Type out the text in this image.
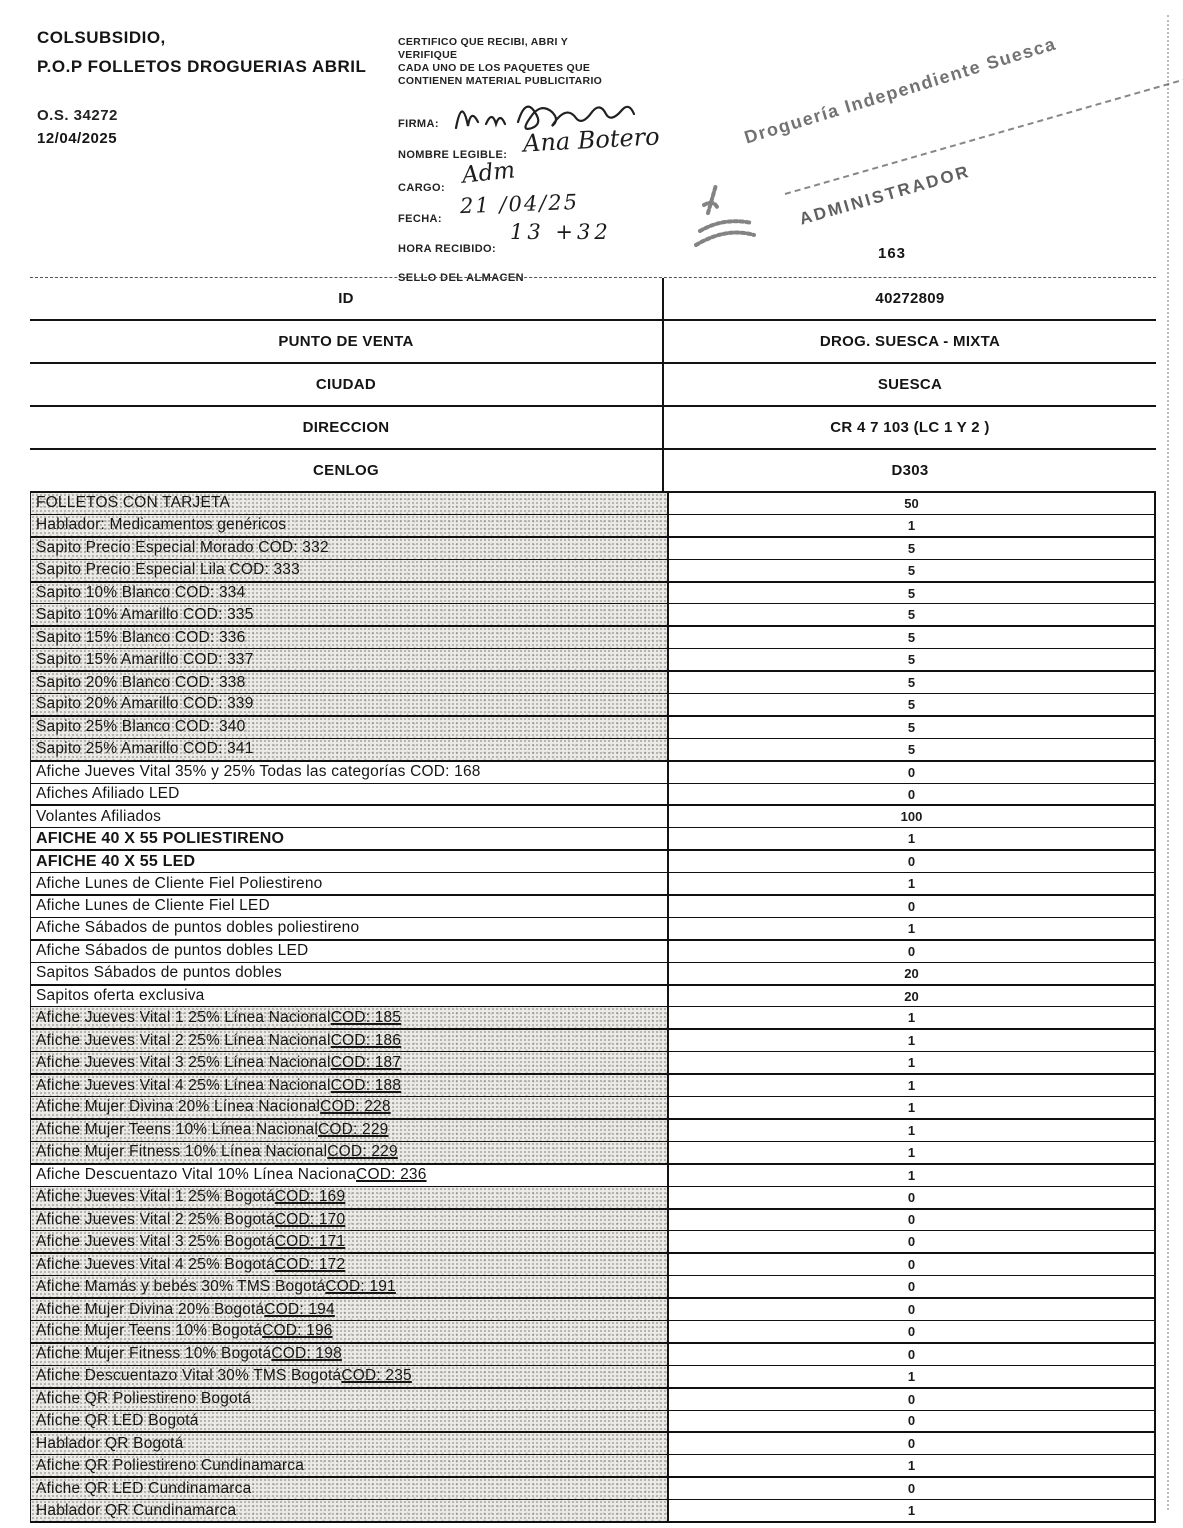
COLSUBSIDIO,
P.O.P FOLLETOS DROGUERIAS ABRIL
O.S. 34272
12/04/2025
CERTIFICO QUE RECIBI, ABRI Y
VERIFIQUE
CADA UNO DE LOS PAQUETES QUE
CONTIENEN MATERIAL PUBLICITARIO
FIRMA:
NOMBRE LEGIBLE:
CARGO:
FECHA:
HORA RECIBIDO:
SELLO DEL ALMACEN
Ana Botero
Adm
21 /04/25
13 +32
Droguería Independiente Suesca
ADMINISTRADOR
163
ID	40272809
PUNTO DE VENTA	DROG. SUESCA - MIXTA
CIUDAD	SUESCA
DIRECCION	CR 4 7 103 (LC 1 Y 2 )
CENLOG	D303
FOLLETOS CON TARJETA	50
Hablador: Medicamentos genéricos	1
Sapito Precio Especial Morado COD: 332	5
Sapito Precio Especial Lila COD: 333	5
Sapito 10% Blanco COD: 334	5
Sapito 10% Amarillo COD: 335	5
Sapito 15% Blanco COD: 336	5
Sapito 15% Amarillo COD: 337	5
Sapito 20% Blanco COD: 338	5
Sapito 20% Amarillo COD: 339	5
Sapito 25% Blanco COD: 340	5
Sapito 25% Amarillo COD: 341	5
Afiche Jueves Vital 35% y 25% Todas las categorías COD: 168	0
Afiches Afiliado LED	0
Volantes Afiliados	100
AFICHE 40 X 55 POLIESTIRENO	1
AFICHE 40 X 55 LED	0
Afiche Lunes de Cliente Fiel Poliestireno	1
Afiche Lunes de Cliente Fiel LED	0
Afiche Sábados de puntos dobles poliestireno	1
Afiche Sábados de puntos dobles LED	0
Sapitos Sábados de puntos dobles	20
Sapitos oferta exclusiva	20
Afiche Jueves Vital 1 25% Línea Nacional COD: 185	1
Afiche Jueves Vital 2 25% Línea Nacional COD: 186	1
Afiche Jueves Vital 3 25% Línea Nacional COD: 187	1
Afiche Jueves Vital 4 25% Línea Nacional COD: 188	1
Afiche Mujer Divina 20% Línea Nacional COD: 228	1
Afiche Mujer Teens 10% Línea Nacional COD: 229	1
Afiche Mujer Fitness 10% Línea Nacional COD: 229	1
Afiche Descuentazo Vital 10% Línea Naciona COD: 236	1
Afiche Jueves Vital 1 25% Bogotá COD: 169	0
Afiche Jueves Vital 2 25% Bogotá COD: 170	0
Afiche Jueves Vital 3 25% Bogotá COD: 171	0
Afiche Jueves Vital 4 25% Bogotá COD: 172	0
Afiche Mamás y bebés 30% TMS Bogotá COD: 191	0
Afiche Mujer Divina 20% Bogotá COD: 194	0
Afiche Mujer Teens 10% Bogotá COD: 196	0
Afiche Mujer Fitness 10% Bogotá COD: 198	0
Afiche Descuentazo Vital 30% TMS Bogotá COD: 235	1
Afiche QR Poliestireno Bogotá	0
Afiche QR LED Bogotá	0
Hablador QR Bogotá	0
Afiche QR Poliestireno Cundinamarca	1
Afiche QR LED Cundinamarca	0
Hablador QR Cundinamarca	1
